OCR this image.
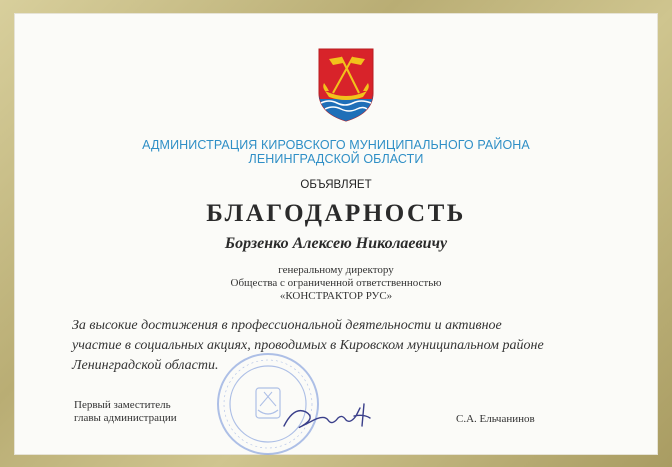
АДМИНИСТРАЦИЯ КИРОВСКОГО МУНИЦИПАЛЬНОГО РАЙОНА
ЛЕНИНГРАДСКОЙ ОБЛАСТИ
ОБЪЯВЛЯЕТ
БЛАГОДАРНОСТЬ
Борзенко Алексею Николаевичу
генеральному директору
Общества с ограниченной ответственностью
«КОНСТРАКТОР РУС»
За высокие достижения в профессиональной деятельности и активное
участие в социальных акциях, проводимых в Кировском муниципальном районе
Ленинградской области.
Первый заместитель
главы администрации	С.А. Ельчанинов
